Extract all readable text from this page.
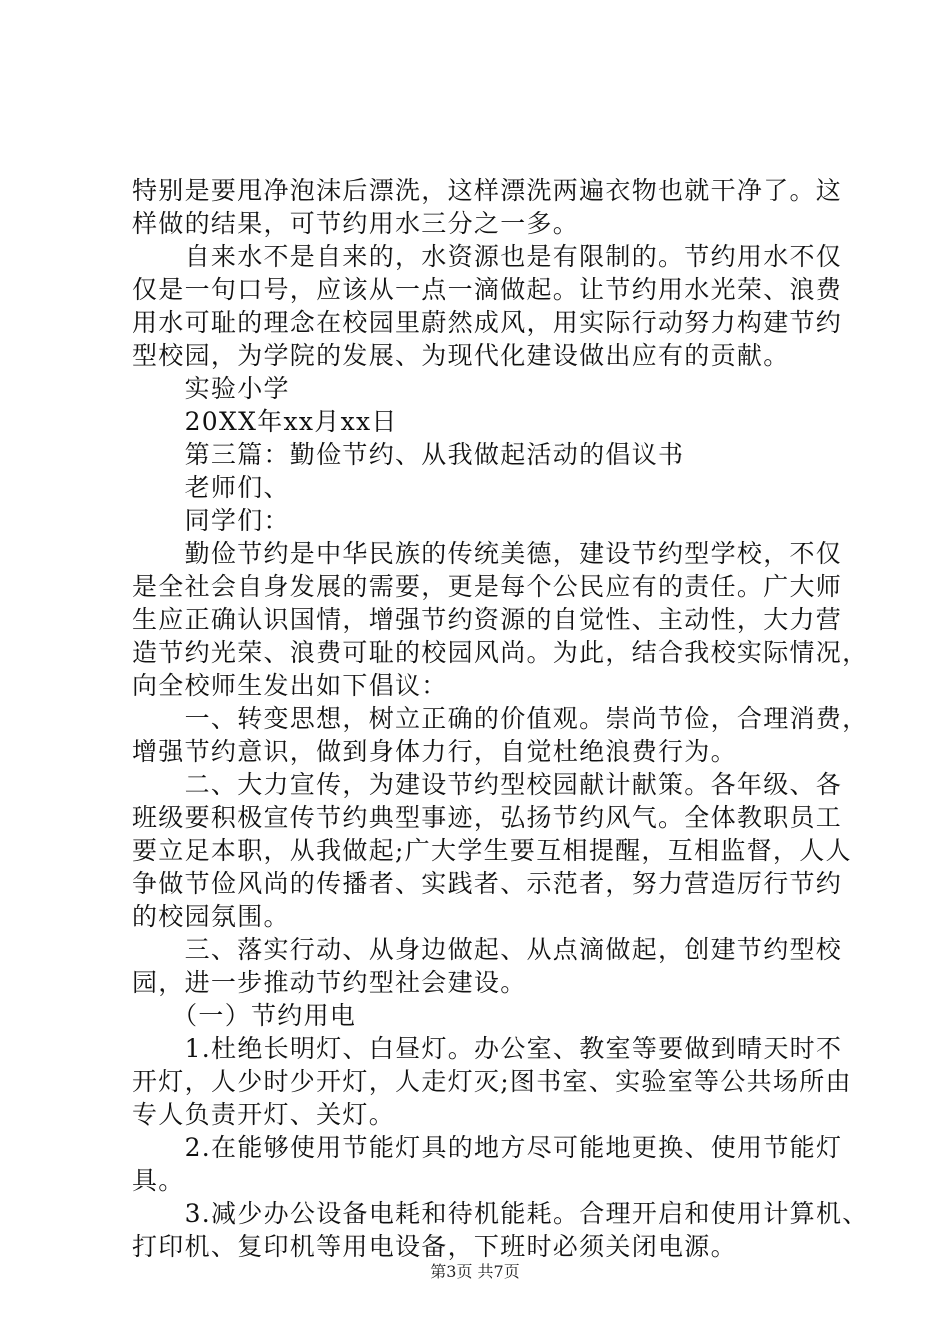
特别是要甩净泡沫后漂洗，这样漂洗两遍衣物也就干净了。这
样做的结果，可节约用水三分之一多。
　　自来水不是自来的，水资源也是有限制的。节约用水不仅
仅是一句口号，应该从一点一滴做起。让节约用水光荣、浪费
用水可耻的理念在校园里蔚然成风，用实际行动努力构建节约
型校园，为学院的发展、为现代化建设做出应有的贡献。
　　实验小学
　　20XX年xx月xx日
　　第三篇：勤俭节约、从我做起活动的倡议书
　　老师们、
　　同学们：
　　勤俭节约是中华民族的传统美德，建设节约型学校，不仅
是全社会自身发展的需要，更是每个公民应有的责任。广大师
生应正确认识国情，增强节约资源的自觉性、主动性，大力营
造节约光荣、浪费可耻的校园风尚。为此，结合我校实际情况，
向全校师生发出如下倡议：
　　一、转变思想，树立正确的价值观。崇尚节俭，合理消费，
增强节约意识，做到身体力行，自觉杜绝浪费行为。
　　二、大力宣传，为建设节约型校园献计献策。各年级、各
班级要积极宣传节约典型事迹，弘扬节约风气。全体教职员工
要立足本职，从我做起;广大学生要互相提醒，互相监督，人人
争做节俭风尚的传播者、实践者、示范者，努力营造厉行节约
的校园氛围。
　　三、落实行动、从身边做起、从点滴做起，创建节约型校
园，进一步推动节约型社会建设。
　　（一）节约用电
　　1.杜绝长明灯、白昼灯。办公室、教室等要做到晴天时不
开灯，人少时少开灯，人走灯灭;图书室、实验室等公共场所由
专人负责开灯、关灯。
　　2.在能够使用节能灯具的地方尽可能地更换、使用节能灯
具。
　　3.减少办公设备电耗和待机能耗。合理开启和使用计算机、
打印机、复印机等用电设备，下班时必须关闭电源。
第3页 共7页
